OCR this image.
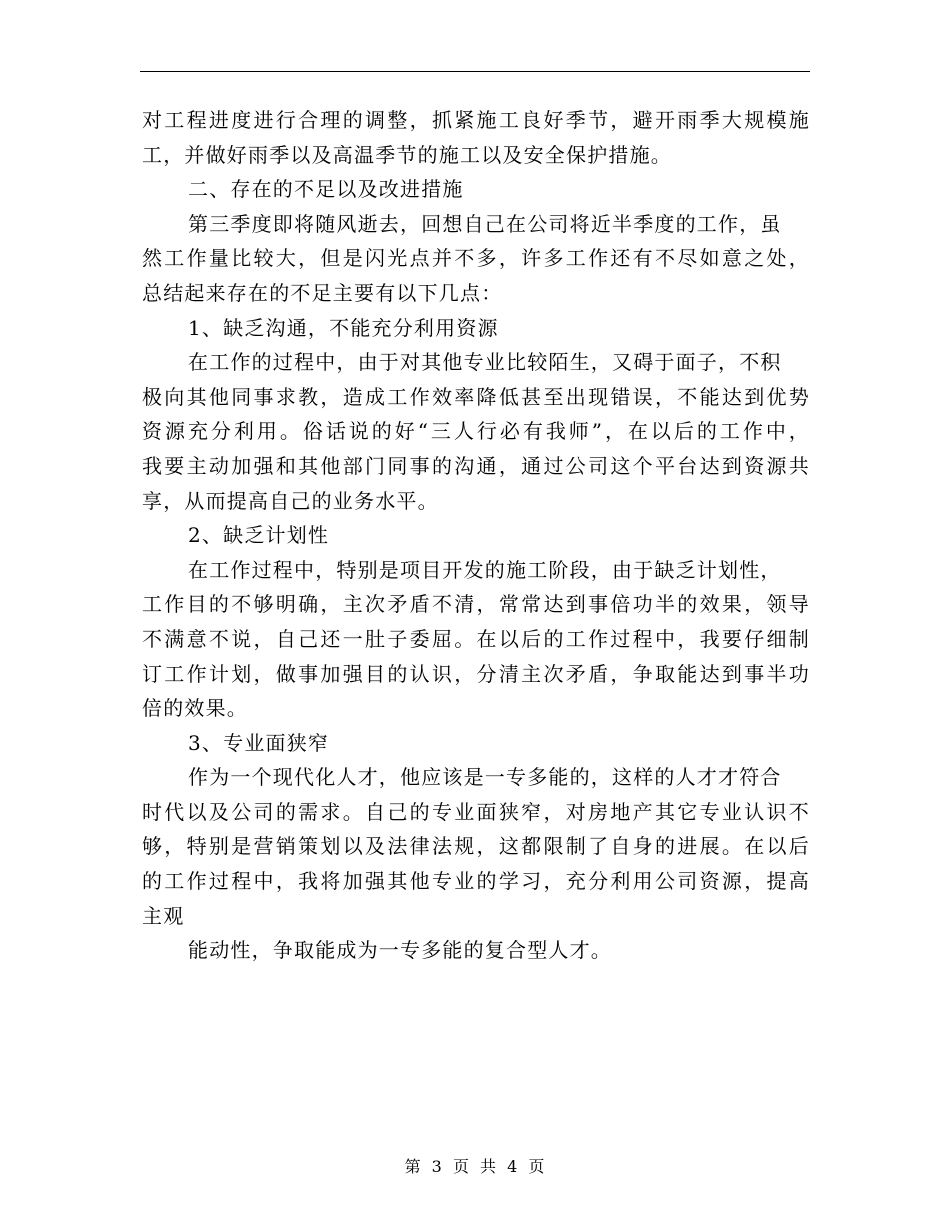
对工程进度进行合理的调整，抓紧施工良好季节，避开雨季大规模施
工，并做好雨季以及高温季节的施工以及安全保护措施。
二、存在的不足以及改进措施
第三季度即将随风逝去，回想自己在公司将近半季度的工作，虽
然工作量比较大，但是闪光点并不多，许多工作还有不尽如意之处，
总结起来存在的不足主要有以下几点：
1、缺乏沟通，不能充分利用资源
在工作的过程中，由于对其他专业比较陌生，又碍于面子，不积
极向其他同事求教，造成工作效率降低甚至出现错误，不能达到优势
资源充分利用。俗话说的好“三人行必有我师”，在以后的工作中，
我要主动加强和其他部门同事的沟通，通过公司这个平台达到资源共
享，从而提高自己的业务水平。
2、缺乏计划性
在工作过程中，特别是项目开发的施工阶段，由于缺乏计划性，
工作目的不够明确，主次矛盾不清，常常达到事倍功半的效果，领导
不满意不说，自己还一肚子委屈。在以后的工作过程中，我要仔细制
订工作计划，做事加强目的认识，分清主次矛盾，争取能达到事半功
倍的效果。
3、专业面狭窄
作为一个现代化人才，他应该是一专多能的，这样的人才才符合
时代以及公司的需求。自己的专业面狭窄，对房地产其它专业认识不
够，特别是营销策划以及法律法规，这都限制了自身的进展。在以后
的工作过程中，我将加强其他专业的学习，充分利用公司资源，提高
主观
能动性，争取能成为一专多能的复合型人才。
第 3 页 共 4 页
